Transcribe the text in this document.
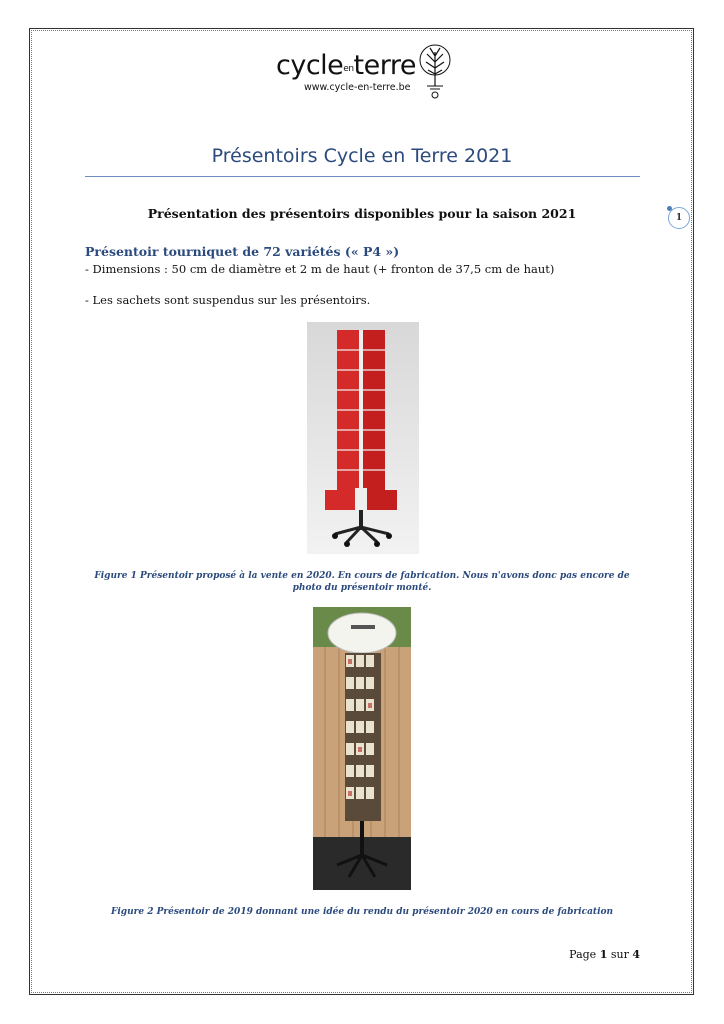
cycleenterre
www.cycle-en-terre.be
Présentoirs Cycle en Terre 2021
1
Présentation des présentoirs disponibles pour la saison 2021
Présentoir tourniquet de 72 variétés (« P4 »)
- Dimensions : 50 cm de diamètre et 2 m de haut (+ fronton de 37,5 cm de haut)
- Les sachets sont suspendus sur les présentoirs.
Figure 1 Présentoir proposé à la vente en 2020. En cours de fabrication. Nous n'avons donc pas encore de photo du présentoir monté.
Figure 2 Présentoir de 2019 donnant une idée du rendu du présentoir 2020 en cours de fabrication
Page 1 sur 4
